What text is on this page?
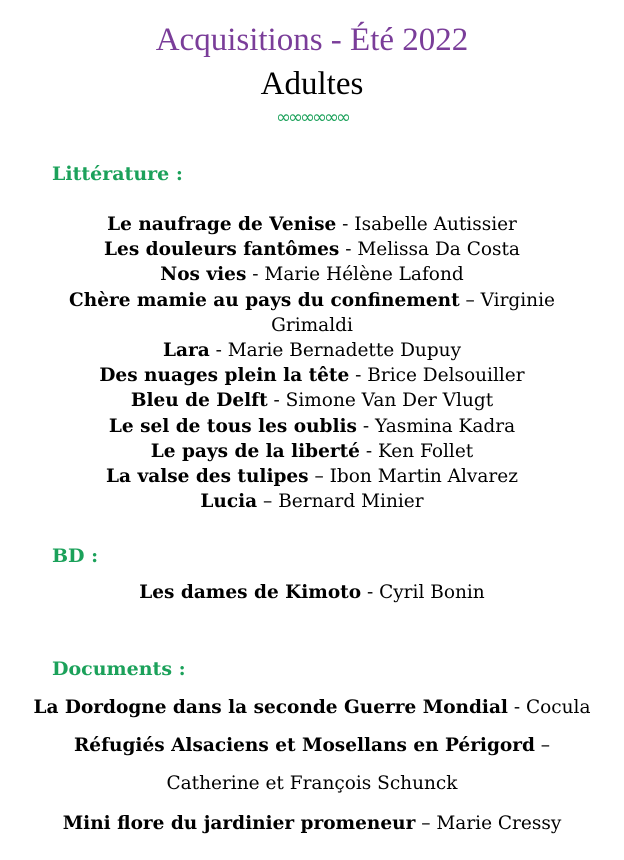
Acquisitions - Été 2022
Adultes
∞∞∞∞∞∞
Littérature :
Le naufrage de Venise - Isabelle Autissier
Les douleurs fantômes - Melissa Da Costa
Nos vies - Marie Hélène Lafond
Chère mamie au pays du confinement – Virginie Grimaldi
Lara - Marie Bernadette Dupuy
Des nuages plein la tête - Brice Delsouiller
Bleu de Delft - Simone Van Der Vlugt
Le sel de tous les oublis - Yasmina Kadra
Le pays de la liberté - Ken Follet
La valse des tulipes – Ibon Martin Alvarez
Lucia – Bernard Minier
BD :
Les dames de Kimoto - Cyril Bonin
Documents :
La Dordogne dans la seconde Guerre Mondial - Cocula
Réfugiés Alsaciens et Mosellans en Périgord –
Catherine et François Schunck
Mini flore du jardinier promeneur – Marie Cressy
